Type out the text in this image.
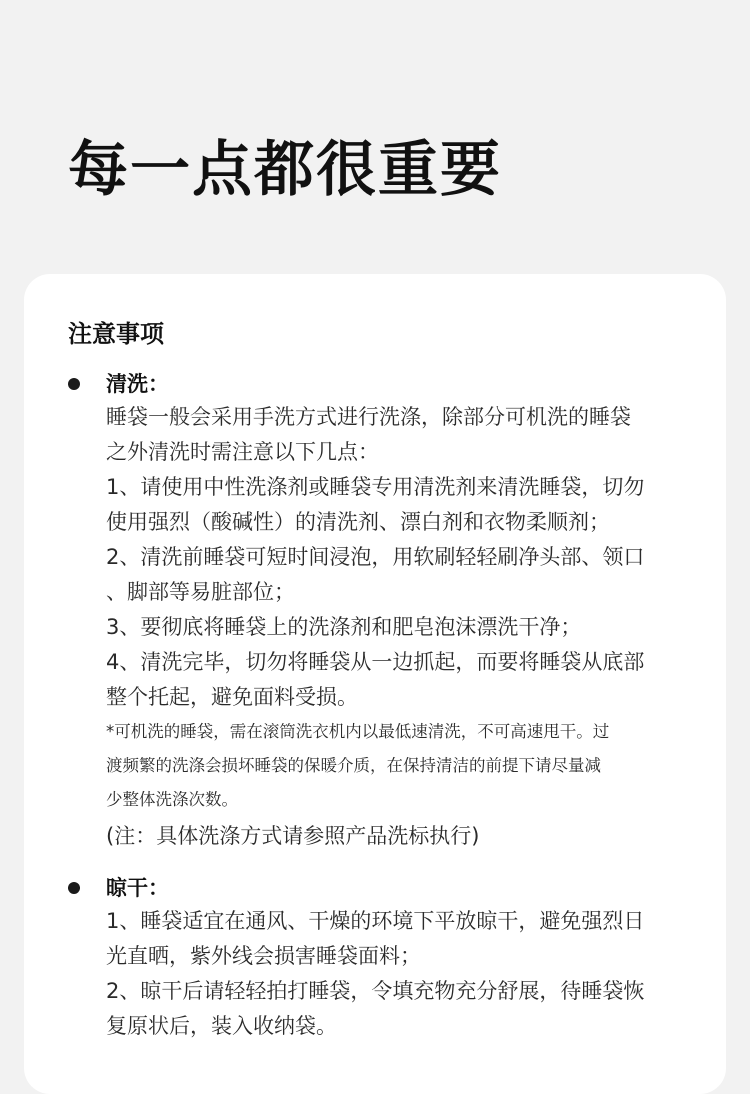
每一点都很重要
注意事项
清洗：
睡袋一般会采用手洗方式进行洗涤，除部分可机洗的睡袋
之外清洗时需注意以下几点：
1、请使用中性洗涤剂或睡袋专用清洗剂来清洗睡袋，切勿
使用强烈（酸碱性）的清洗剂、漂白剂和衣物柔顺剂；
2、清洗前睡袋可短时间浸泡，用软刷轻轻刷净头部、领口
、脚部等易脏部位；
3、要彻底将睡袋上的洗涤剂和肥皂泡沫漂洗干净；
4、清洗完毕，切勿将睡袋从一边抓起，而要将睡袋从底部
整个托起，避免面料受损。
*可机洗的睡袋，需在滚筒洗衣机内以最低速清洗，不可高速甩干。过
渡频繁的洗涤会损坏睡袋的保暖介质，在保持清洁的前提下请尽量减
少整体洗涤次数。
(注：具体洗涤方式请参照产品洗标执行)
晾干：
1、睡袋适宜在通风、干燥的环境下平放晾干，避免强烈日
光直晒，紫外线会损害睡袋面料；
2、晾干后请轻轻拍打睡袋，令填充物充分舒展，待睡袋恢
复原状后，装入收纳袋。
